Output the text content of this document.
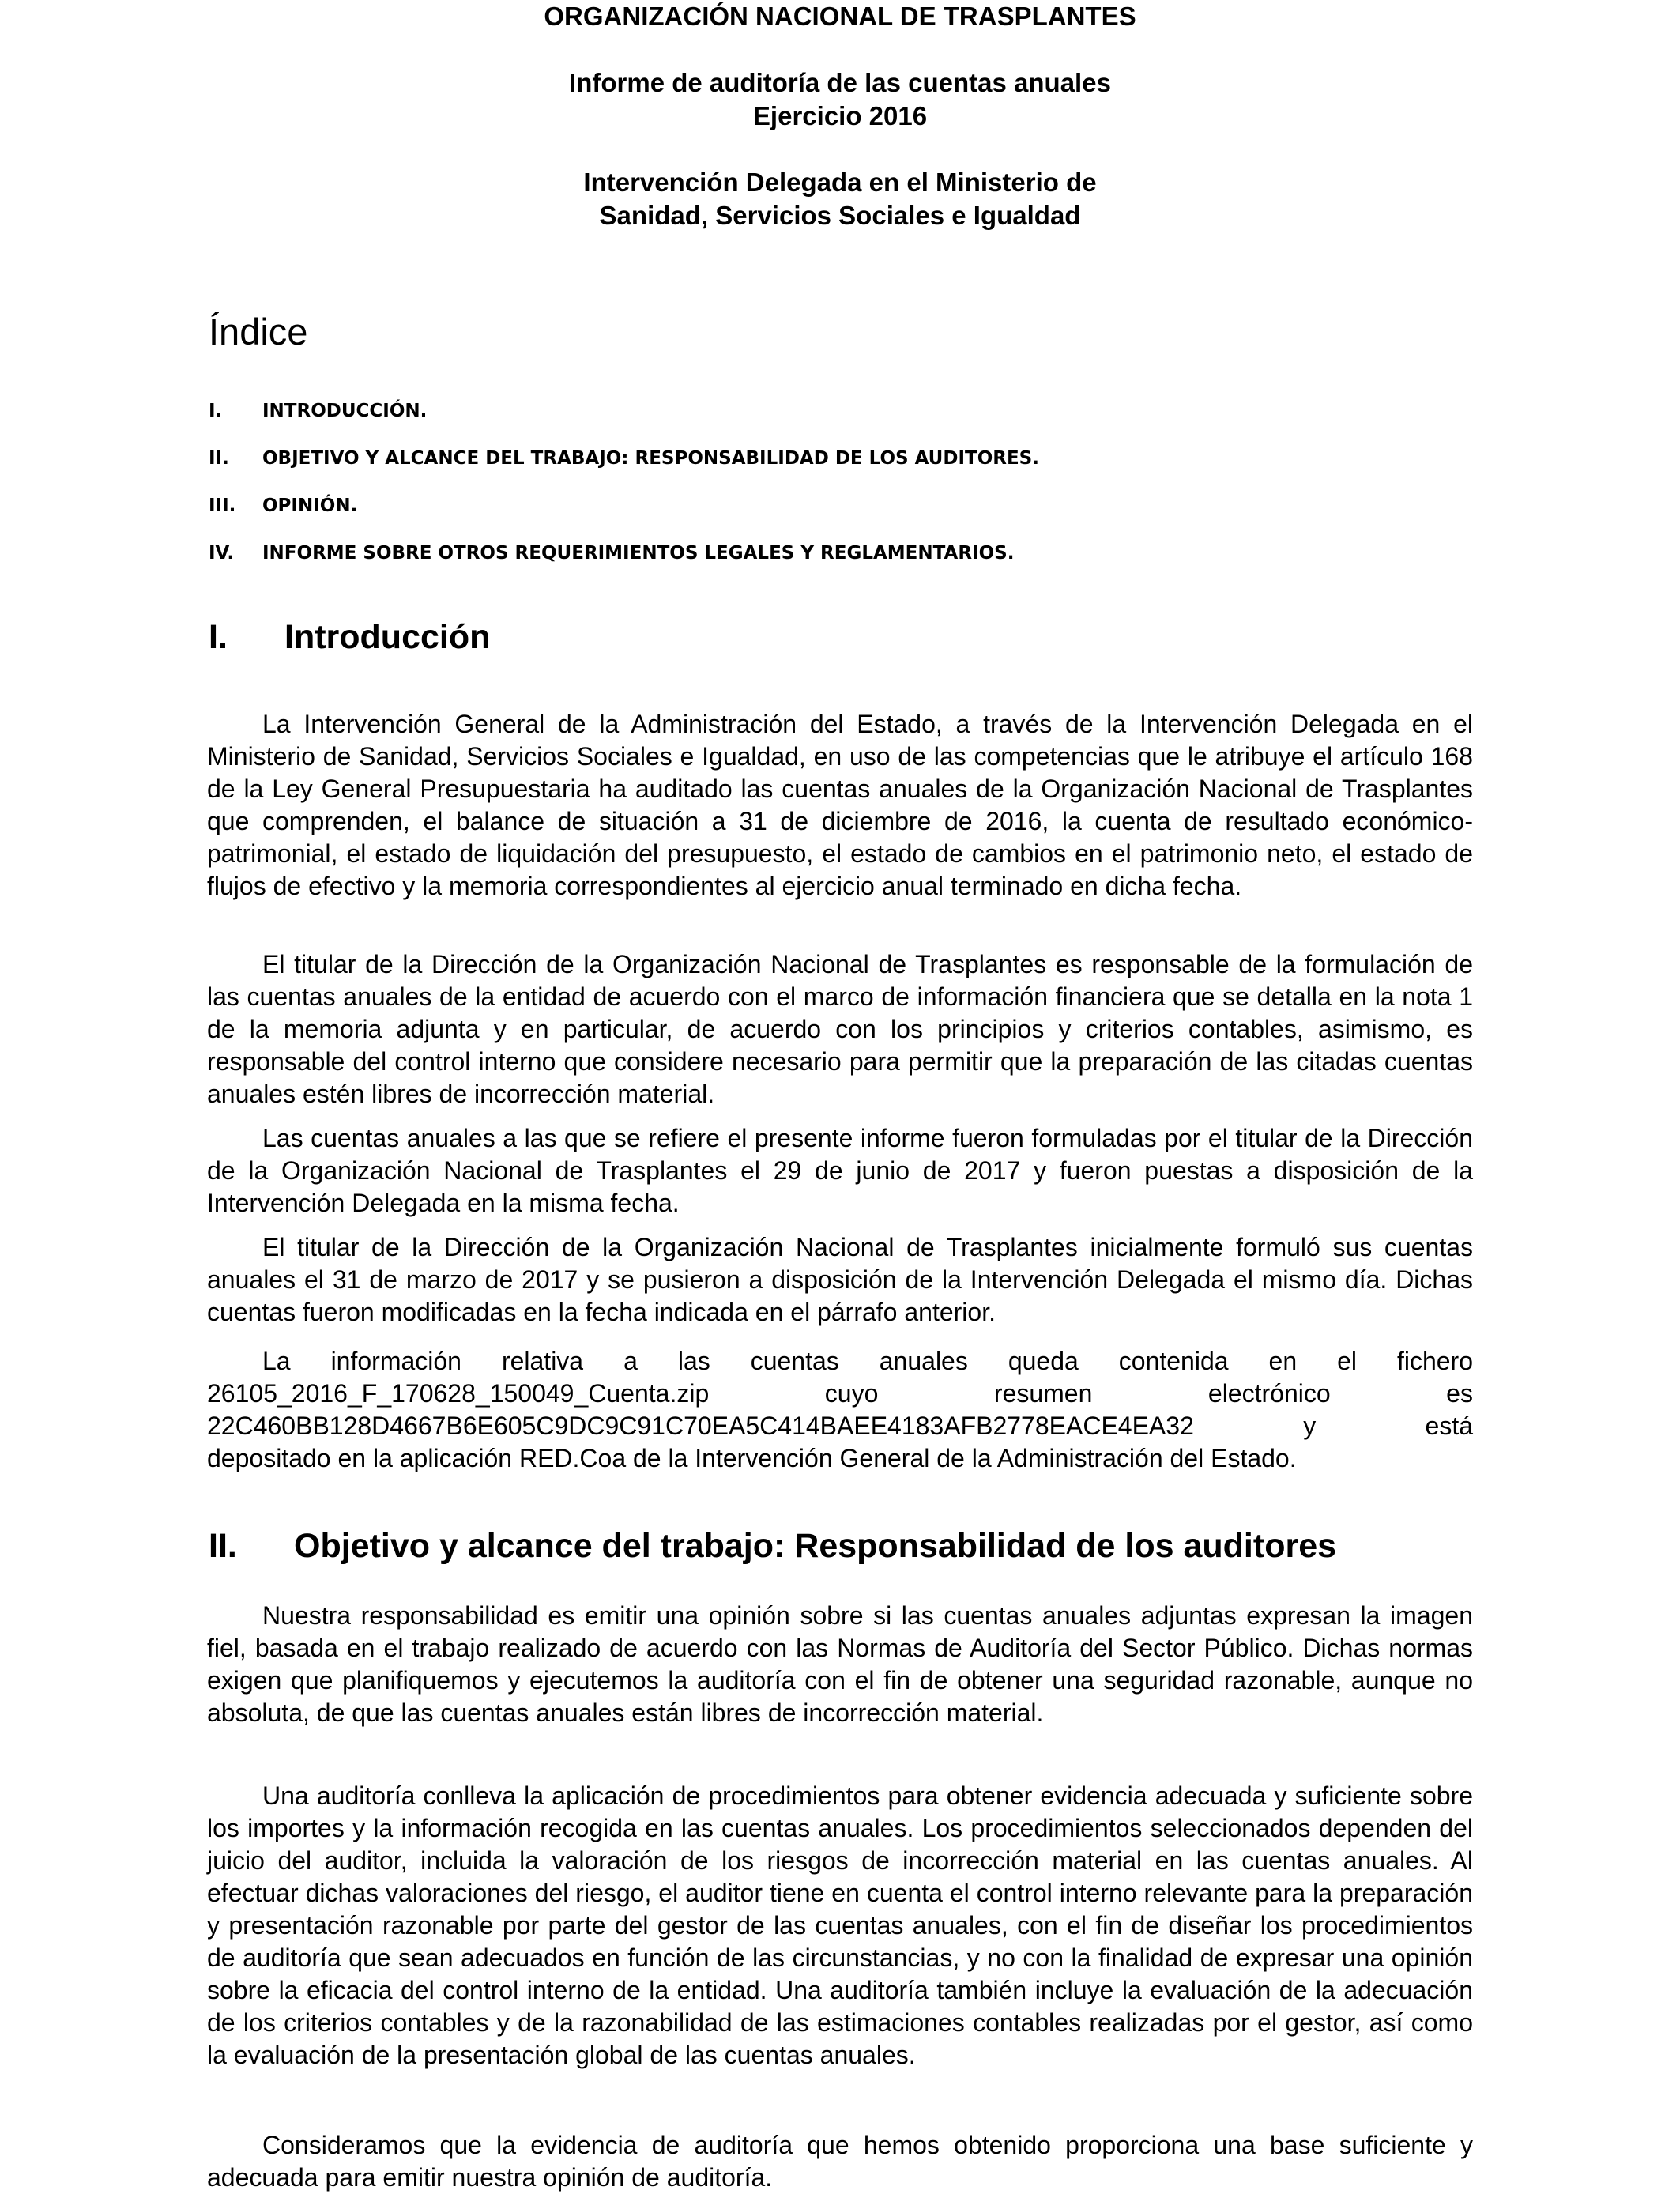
ORGANIZACIÓN NACIONAL DE TRASPLANTES

Informe de auditoría de las cuentas anuales

Ejercicio 2016

Intervención Delegada en el Ministerio de

Sanidad, Servicios Sociales e Igualdad

Índice
I.	INTRODUCCIÓN.
II.	OBJETIVO Y ALCANCE DEL TRABAJO: RESPONSABILIDAD DE LOS AUDITORES.
III.	OPINIÓN.
IV.	INFORME SOBRE OTROS REQUERIMIENTOS LEGALES Y REGLAMENTARIOS.
I. Introducción

La Intervención General de la Administración del Estado, a través de la Intervención Delegada en el Ministerio de Sanidad, Servicios Sociales e Igualdad, en uso de las competencias que le atribuye el artículo 168 de la Ley General Presupuestaria ha auditado las cuentas anuales de la Organización Nacional de Trasplantes que comprenden, el balance de situación a 31 de diciembre de 2016, la cuenta de resultado económico-patrimonial, el estado de liquidación del presupuesto, el estado de cambios en el patrimonio neto, el estado de flujos de efectivo y la memoria correspondientes al ejercicio anual terminado en dicha fecha.

El titular de la Dirección de la Organización Nacional de Trasplantes es responsable de la formulación de las cuentas anuales de la entidad de acuerdo con el marco de información financiera que se detalla en la nota 1 de la memoria adjunta y en particular, de acuerdo con los principios y criterios contables, asimismo, es responsable del control interno que considere necesario para permitir que la preparación de las citadas cuentas anuales estén libres de incorrección material.

Las cuentas anuales a las que se refiere el presente informe fueron formuladas por el titular de la Dirección de la Organización Nacional de Trasplantes el 29 de junio de 2017 y fueron puestas a disposición de la Intervención Delegada en la misma fecha.

El titular de la Dirección de la Organización Nacional de Trasplantes inicialmente formuló sus cuentas anuales el 31 de marzo de 2017 y se pusieron a disposición de la Intervención Delegada el mismo día. Dichas cuentas fueron modificadas en la fecha indicada en el párrafo anterior.

La información relativa a las cuentas anuales queda contenida en el fichero
26105_2016_F_170628_150049_Cuenta.zip	cuyo	resumen	electrónico	es
22C460BB128D4667B6E605C9DC9C91C70EA5C414BAEE4183AFB2778EACE4EA32	y	está
depositado en la aplicación RED.Coa de la Intervención General de la Administración del Estado.
II. Objetivo y alcance del trabajo: Responsabilidad de los auditores

Nuestra responsabilidad es emitir una opinión sobre si las cuentas anuales adjuntas expresan la imagen fiel, basada en el trabajo realizado de acuerdo con las Normas de Auditoría del Sector Público. Dichas normas exigen que planifiquemos y ejecutemos la auditoría con el fin de obtener una seguridad razonable, aunque no absoluta, de que las cuentas anuales están libres de incorrección material.

Una auditoría conlleva la aplicación de procedimientos para obtener evidencia adecuada y suficiente sobre los importes y la información recogida en las cuentas anuales. Los procedimientos seleccionados dependen del juicio del auditor, incluida la valoración de los riesgos de incorrección material en las cuentas anuales. Al efectuar dichas valoraciones del riesgo, el auditor tiene en cuenta el control interno relevante para la preparación y presentación razonable por parte del gestor de las cuentas anuales, con el fin de diseñar los procedimientos de auditoría que sean adecuados en función de las circunstancias, y no con la finalidad de expresar una opinión sobre la eficacia del control interno de la entidad. Una auditoría también incluye la evaluación de la adecuación de los criterios contables y de la razonabilidad de las estimaciones contables realizadas por el gestor, así como la evaluación de la presentación global de las cuentas anuales.

Consideramos que la evidencia de auditoría que hemos obtenido proporciona una base suficiente y adecuada para emitir nuestra opinión de auditoría.
